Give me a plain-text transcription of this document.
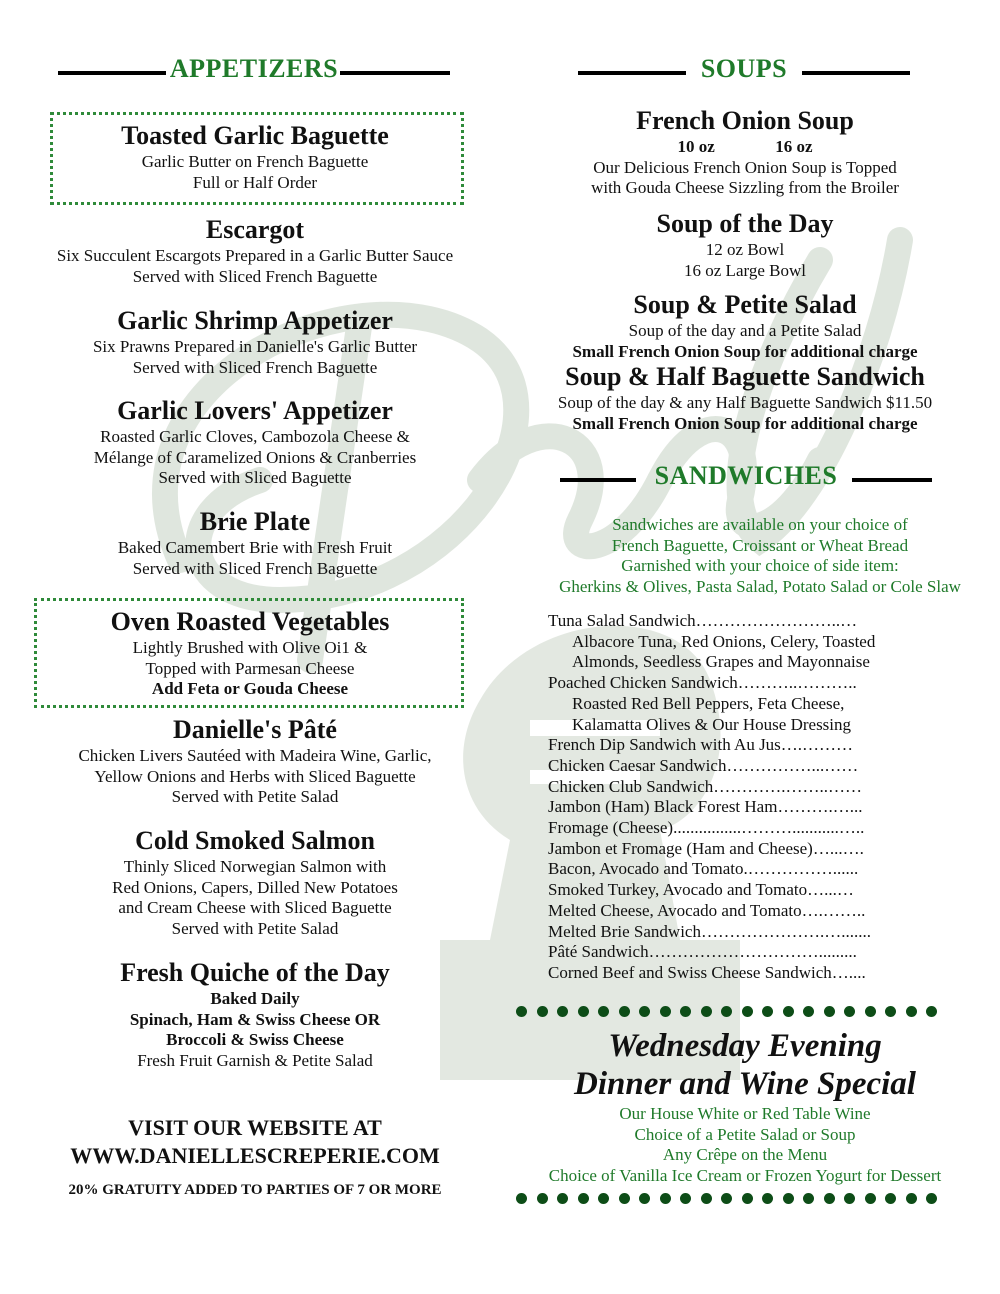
APPETIZERS
Toasted Garlic Baguette
Garlic Butter on French Baguette
Full or Half Order
Escargot
Six Succulent Escargots Prepared in a Garlic Butter Sauce
Served with Sliced French Baguette
Garlic Shrimp Appetizer
Six Prawns Prepared in Danielle's Garlic Butter
Served with Sliced French Baguette
Garlic Lovers' Appetizer
Roasted Garlic Cloves, Cambozola Cheese &
Mélange of Caramelized Onions & Cranberries
Served with Sliced Baguette
Brie Plate
Baked Camembert Brie with Fresh Fruit
Served with Sliced French Baguette
Oven Roasted Vegetables
Lightly Brushed with Olive Oi1 &
Topped with Parmesan Cheese
Add Feta or Gouda Cheese
Danielle's Pâté
Chicken Livers Sautéed with Madeira Wine, Garlic,
Yellow Onions and Herbs with Sliced Baguette
Served with Petite Salad
Cold Smoked Salmon
Thinly Sliced Norwegian Salmon with
Red Onions, Capers, Dilled New Potatoes
and Cream Cheese with Sliced Baguette
Served with Petite Salad
Fresh Quiche of the Day
Baked Daily
Spinach, Ham & Swiss Cheese OR
Broccoli & Swiss Cheese
Fresh Fruit Garnish & Petite Salad
VISIT OUR WEBSITE AT
WWW.DANIELLESCREPERIE.COM
20% GRATUITY ADDED TO PARTIES OF 7 OR MORE
SOUPS
French Onion Soup
10 oz	16 oz
Our Delicious French Onion Soup is Topped
with Gouda Cheese Sizzling from the Broiler
Soup of the Day
12 oz Bowl
16 oz Large Bowl
Soup & Petite Salad
Soup of the day and a Petite Salad
Small French Onion Soup for additional charge
Soup & Half Baguette Sandwich
Soup of the day & any Half Baguette Sandwich $11.50
Small French Onion Soup for additional charge
SANDWICHES
Sandwiches are available on your choice of
French Baguette, Croissant or Wheat Bread
Garnished with your choice of side item:
Gherkins & Olives, Pasta Salad, Potato Salad or Cole Slaw
Tuna Salad Sandwich……………………..…
Albacore Tuna, Red Onions, Celery, Toasted
Almonds, Seedless Grapes and Mayonnaise
Poached Chicken Sandwich………..………..
Roasted Red Bell Peppers, Feta Cheese,
Kalamatta Olives & Our House Dressing
French Dip Sandwich with Au Jus….………
Chicken Caesar Sandwich……………...……
Chicken Club Sandwich………….……..……
Jambon (Ham) Black Forest Ham……….…...
Fromage (Cheese)................………...........…..
Jambon et Fromage (Ham and Cheese)…...….
Bacon, Avocado and Tomato.……………......
Smoked Turkey, Avocado and Tomato…...…
Melted Cheese, Avocado and Tomato….……..
Melted Brie Sandwich………………….….......
Pâté Sandwich………………………….........
Corned Beef and Swiss Cheese Sandwich…....
Wednesday Evening
Dinner and Wine Special
Our House White or Red Table Wine
Choice of a Petite Salad or Soup
Any Crêpe on the Menu
Choice of Vanilla Ice Cream or Frozen Yogurt for Dessert
